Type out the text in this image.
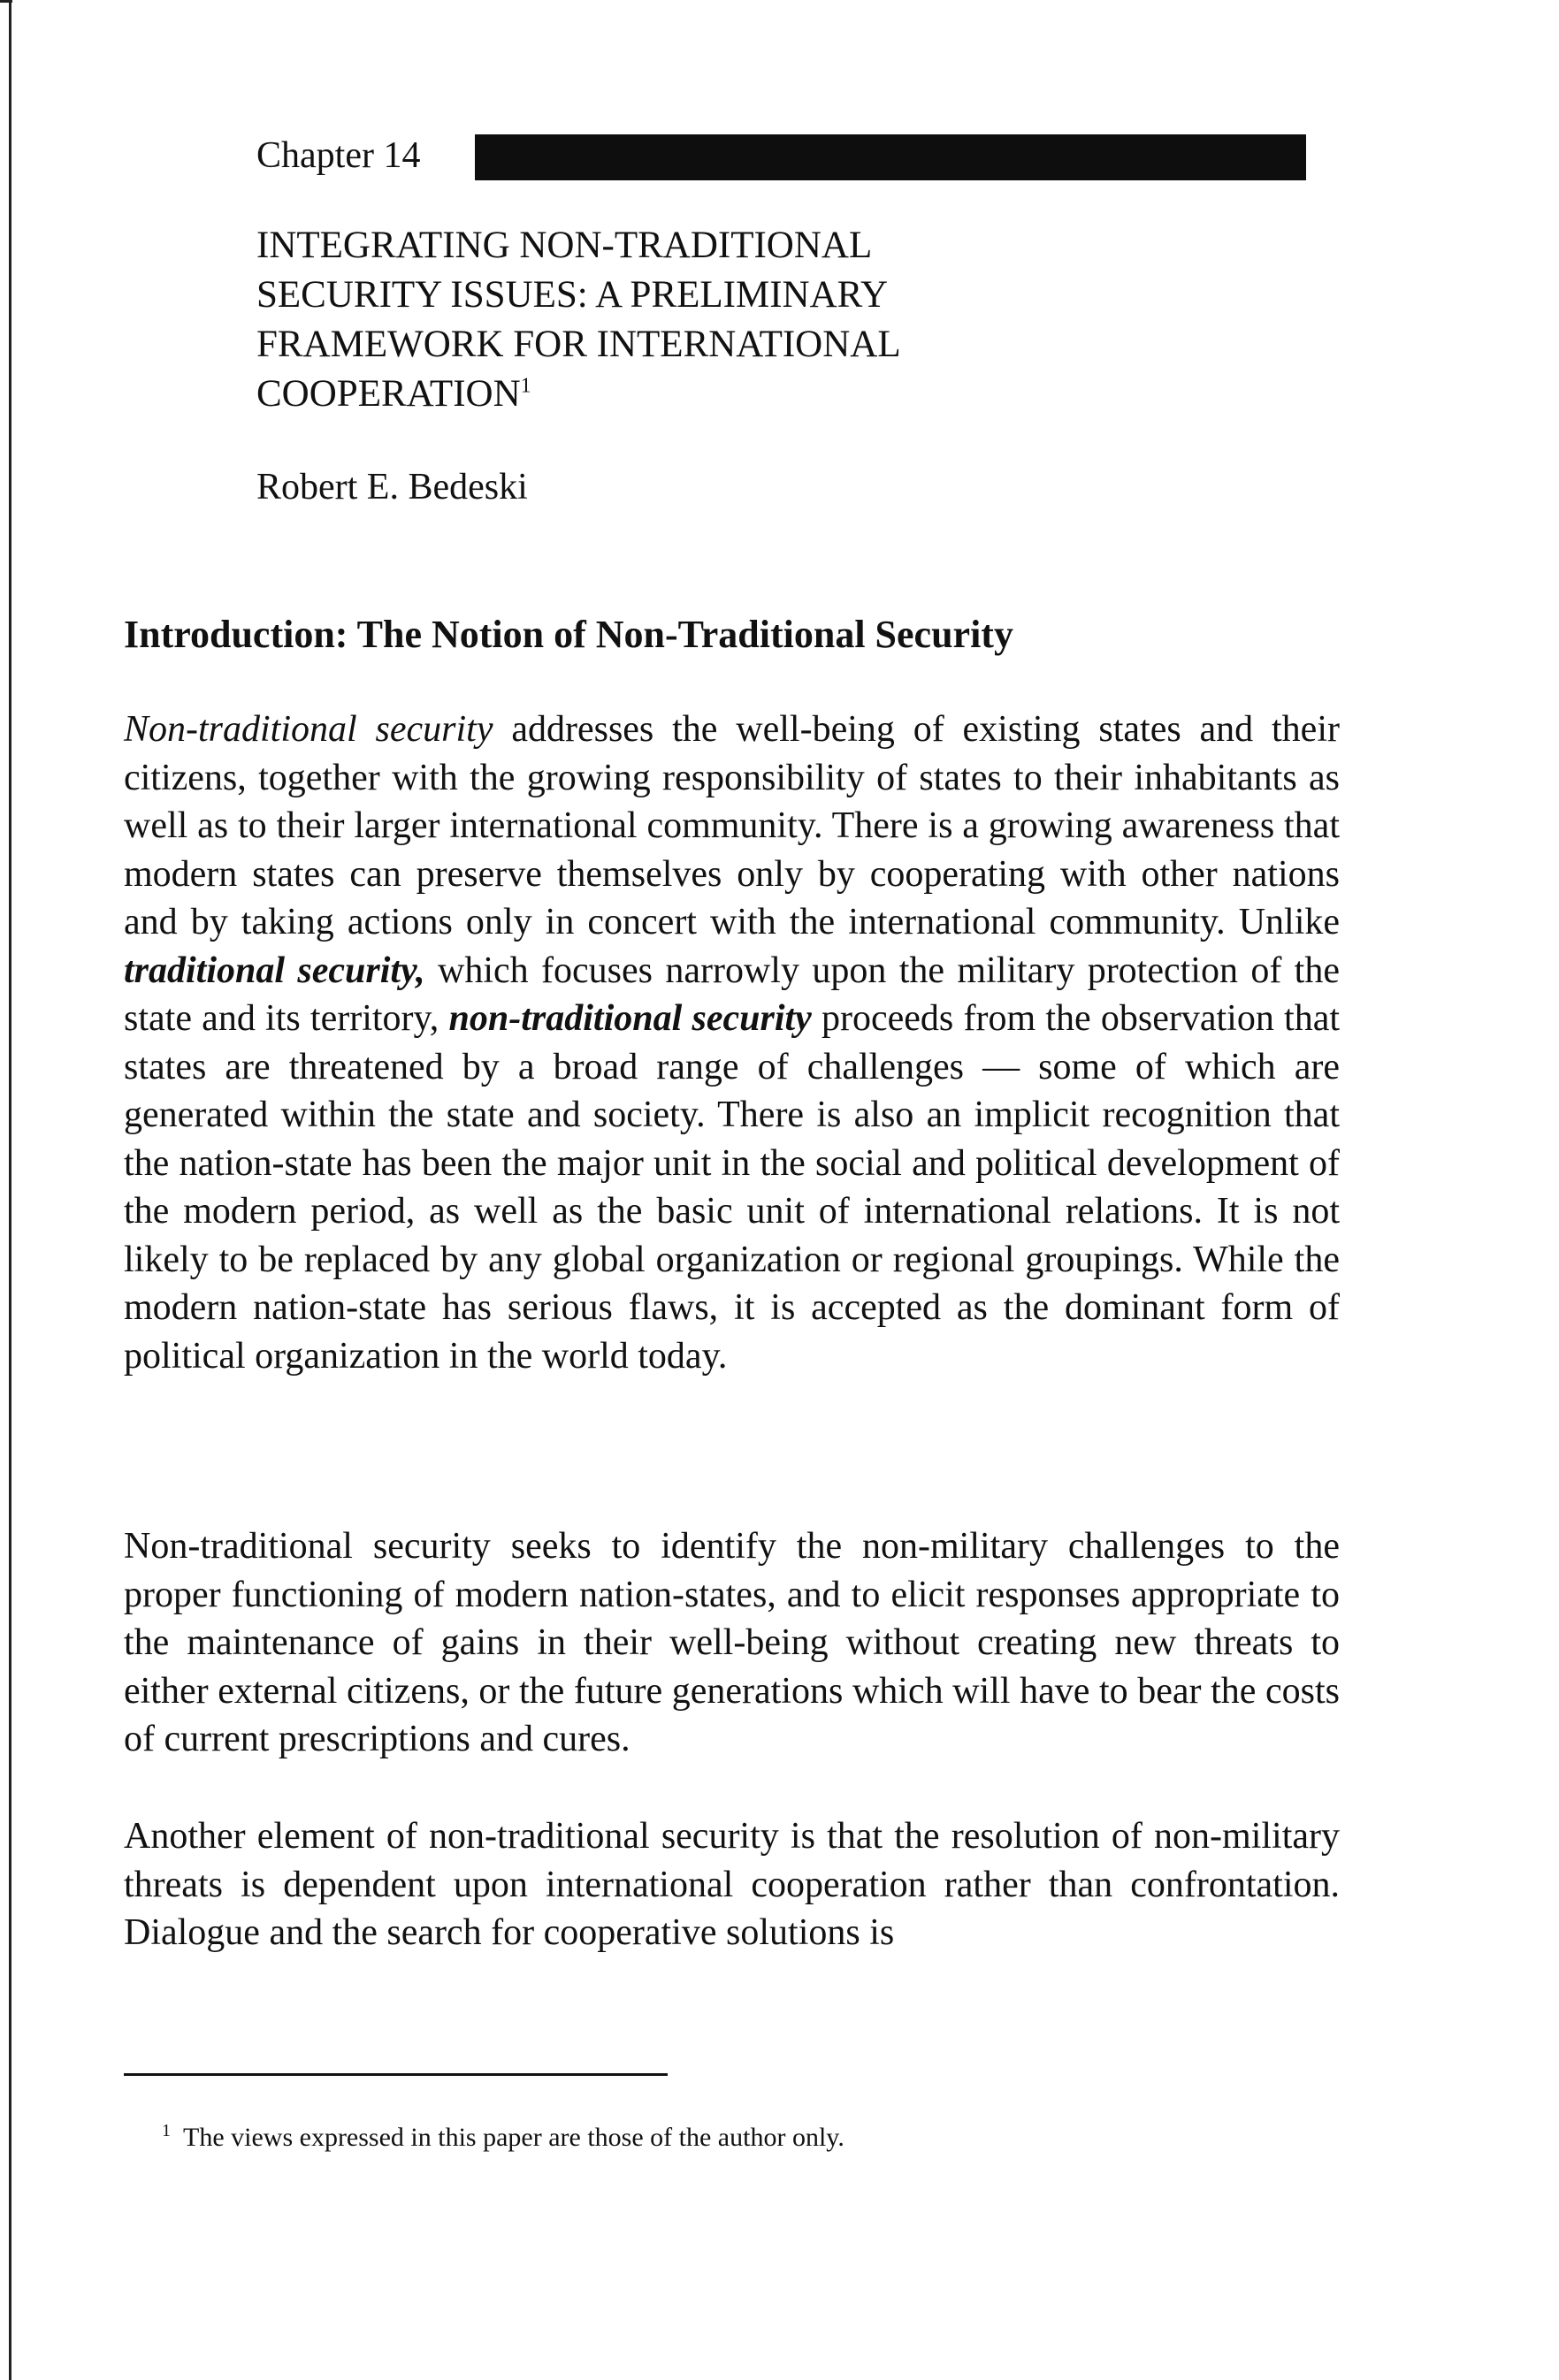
Chapter 14
INTEGRATING NON-TRADITIONAL
SECURITY ISSUES: A PRELIMINARY
FRAMEWORK FOR INTERNATIONAL
COOPERATION$^1$

Robert E. Bedeski

Introduction: The Notion of Non-Traditional Security

Non-traditional security addresses the well-being of existing states and their citizens, together with the growing responsibility of states to their inhabitants as well as to their larger international community. There is a growing awareness that modern states can preserve themselves only by cooperating with other nations and by taking actions only in concert with the international community. Unlike traditional security, which focuses narrowly upon the military protection of the state and its territory, non-traditional security proceeds from the observation that states are threatened by a broad range of challenges — some of which are generated within the state and society. There is also an implicit recognition that the nation-state has been the major unit in the social and political development of the modern period, as well as the basic unit of international relations. It is not likely to be replaced by any global organization or regional groupings. While the modern nation-state has serious flaws, it is accepted as the dominant form of political organization in the world today.

Non-traditional security seeks to identify the non-military challenges to the proper functioning of modern nation-states, and to elicit responses appropriate to the maintenance of gains in their well-being without creating new threats to either external citizens, or the future generations which will have to bear the costs of current prescriptions and cures.

Another element of non-traditional security is that the resolution of non-military threats is dependent upon international cooperation rather than confrontation. Dialogue and the search for cooperative solutions is

$^1$ The views expressed in this paper are those of the author only.
